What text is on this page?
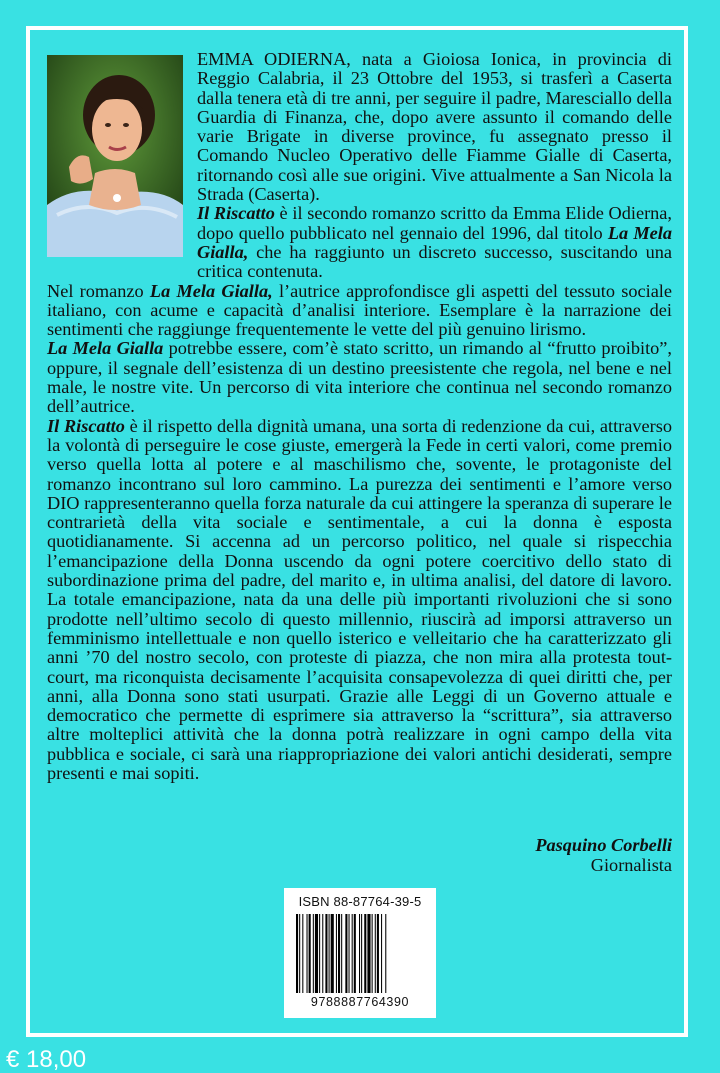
EMMA ODIERNA, nata a Gioiosa Ionica, in provincia di Reggio Calabria, il 23 Ottobre del 1953, si trasferì a Caserta dalla tenera età di tre anni, per seguire il padre, Maresciallo della Guardia di Finanza, che, dopo avere assunto il comando delle varie Brigate in diverse province, fu assegnato presso il Comando Nucleo Operativo delle Fiamme Gialle di Caserta, ritornando così alle sue origini. Vive attualmente a San Nicola la Strada (Caserta).

Il Riscatto è il secondo romanzo scritto da Emma Elide Odierna, dopo quello pubblicato nel gennaio del 1996, dal titolo La Mela Gialla, che ha raggiunto un discreto successo, suscitando una critica contenuta.

Nel romanzo La Mela Gialla, l’autrice approfondisce gli aspetti del tessuto sociale italiano, con acume e capacità d’analisi interiore. Esemplare è la narrazione dei sentimenti che raggiunge frequentemente le vette del più genuino lirismo.

La Mela Gialla potrebbe essere, com’è stato scritto, un rimando al “frutto proibito”, oppure, il segnale dell’esistenza di un destino preesistente che regola, nel bene e nel male, le nostre vite. Un percorso di vita interiore che continua nel secondo romanzo dell’autrice.

Il Riscatto è il rispetto della dignità umana, una sorta di redenzione da cui, attraverso la volontà di perseguire le cose giuste, emergerà la Fede in certi valori, come premio verso quella lotta al potere e al maschilismo che, sovente, le protagoniste del romanzo incontrano sul loro cammino. La purezza dei sentimenti e l’amore verso DIO rappresenteranno quella forza naturale da cui attingere la speranza di superare le contrarietà della vita sociale e sentimentale, a cui la donna è esposta quotidianamente. Si accenna ad un percorso politico, nel quale si rispecchia l’emancipazione della Donna uscendo da ogni potere coercitivo dello stato di subordinazione prima del padre, del marito e, in ultima analisi, del datore di lavoro. La totale emancipazione, nata da una delle più importanti rivoluzioni che si sono prodotte nell’ultimo secolo di questo millennio, riuscirà ad imporsi attraverso un femminismo intellettuale e non quello isterico e velleitario che ha caratterizzato gli anni ’70 del nostro secolo, con proteste di piazza, che non mira alla protesta tout-court, ma riconquista decisamente l’acquisita consapevolezza di quei diritti che, per anni, alla Donna sono stati usurpati. Grazie alle Leggi di un Governo attuale e democratico che permette di esprimere sia attraverso la “scrittura”, sia attraverso altre molteplici attività che la donna potrà realizzare in ogni campo della vita pubblica e sociale, ci sarà una riappropriazione dei valori antichi desiderati, sempre presenti e mai sopiti.

Pasquino Corbelli
Giornalista
ISBN 88-87764-39-5
9788887764390
€ 18,00
